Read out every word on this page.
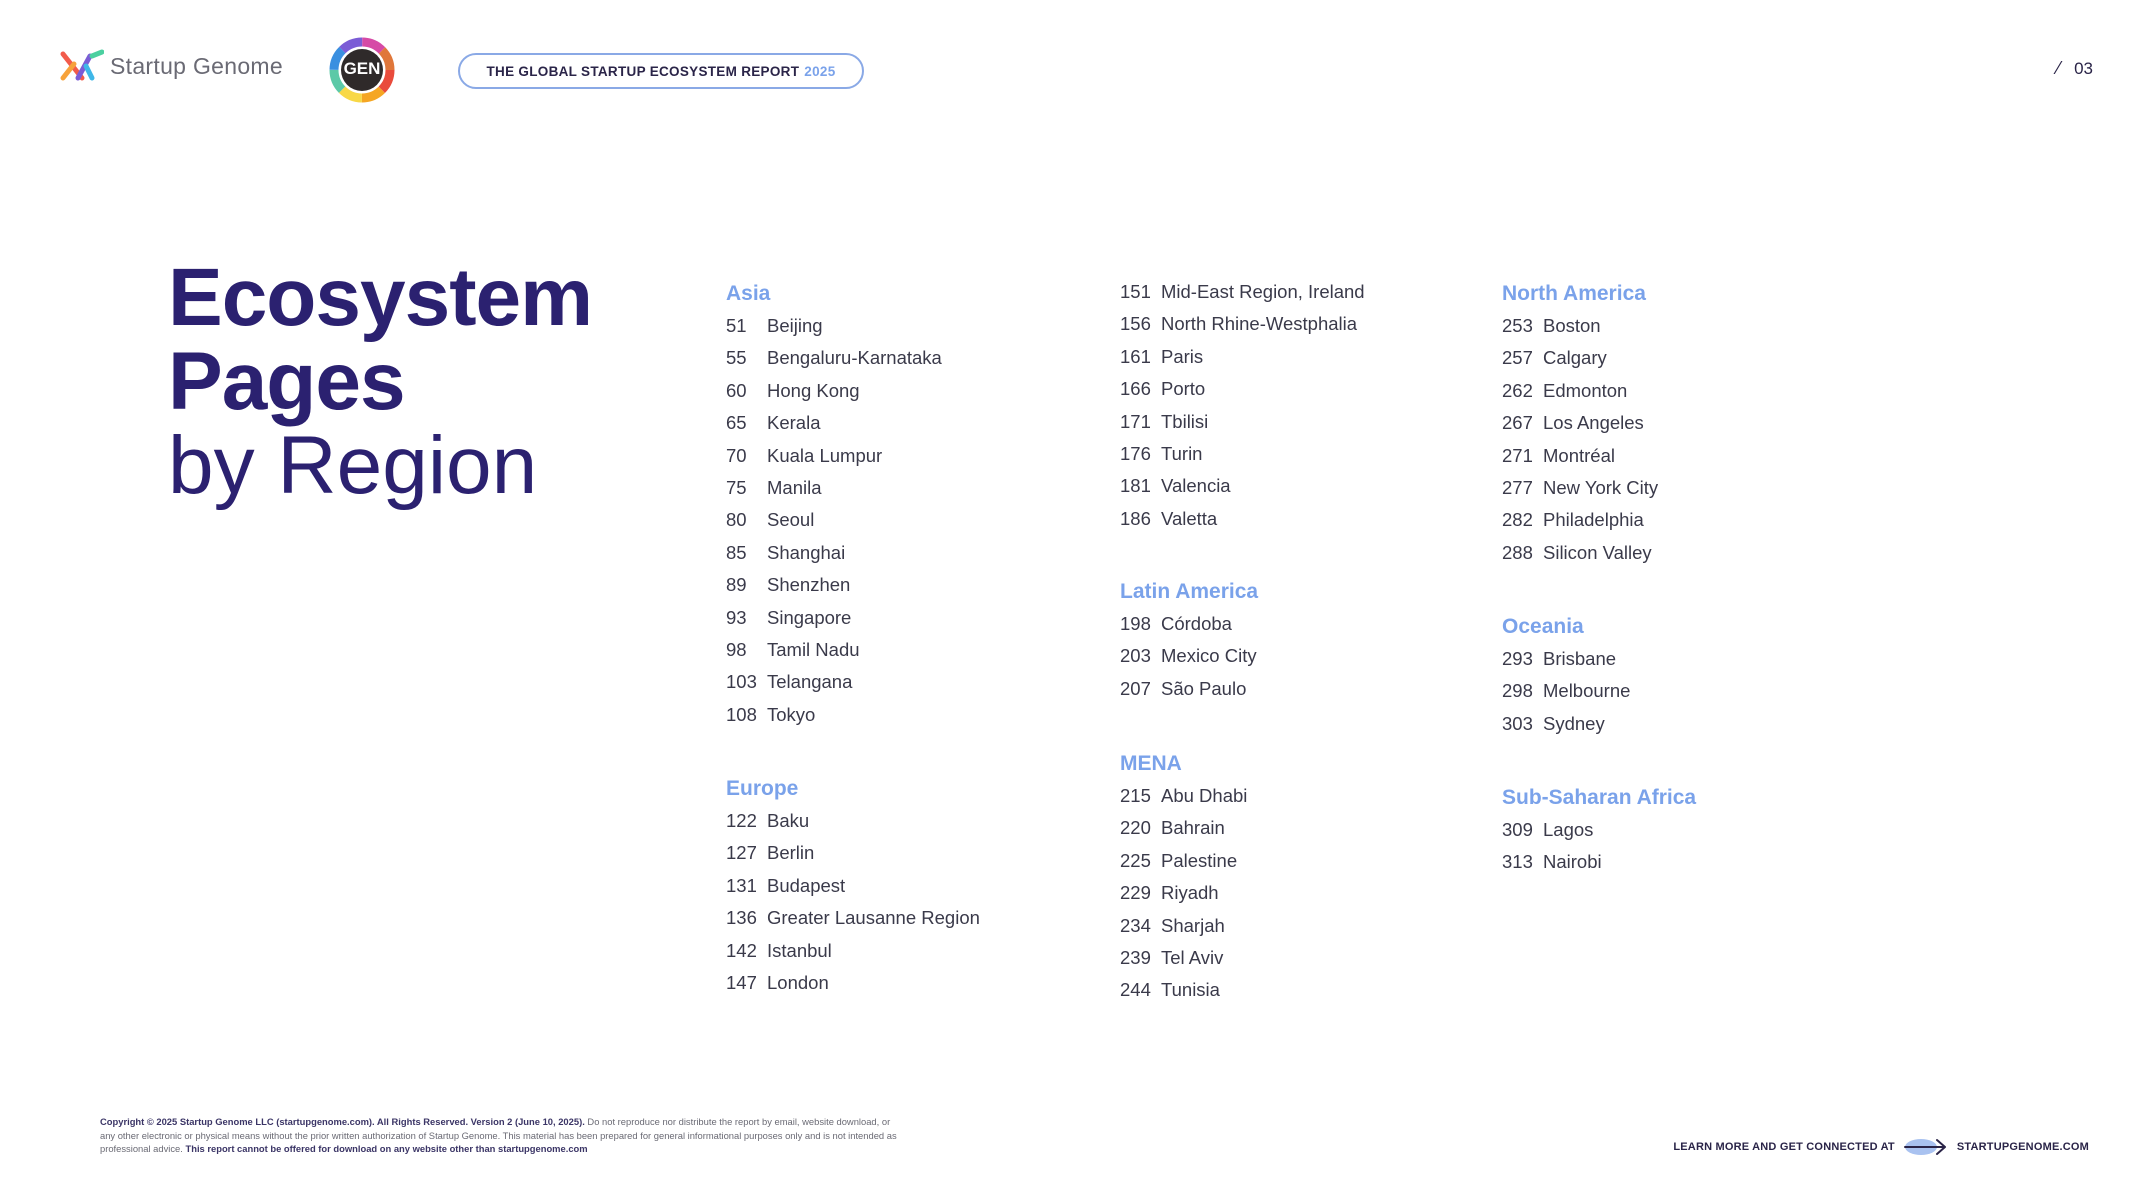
Startup Genome	GEN	THE GLOBAL STARTUP ECOSYSTEM REPORT 2025	⁄ 03
Ecosystem
Pages
by Region
Asia
51	Beijing
55	Bengaluru-Karnataka
60	Hong Kong
65	Kerala
70	Kuala Lumpur
75	Manila
80	Seoul
85	Shanghai
89	Shenzhen
93	Singapore
98	Tamil Nadu
103 Telangana
108 Tokyo
Europe
122 Baku
127 Berlin
131 Budapest
136 Greater Lausanne Region
142 Istanbul
147 London
151 Mid-East Region, Ireland
156 North Rhine-Westphalia
161 Paris
166 Porto
171 Tbilisi
176 Turin
181 Valencia
186 Valetta
Latin America
198 Córdoba
203 Mexico City
207 São Paulo
MENA
215 Abu Dhabi
220 Bahrain
225 Palestine
229 Riyadh
234 Sharjah
239 Tel Aviv
244 Tunisia
North America
253 Boston
257 Calgary
262 Edmonton
267 Los Angeles
271 Montréal
277 New York City
282 Philadelphia
288 Silicon Valley
Oceania
293 Brisbane
298 Melbourne
303 Sydney
Sub-Saharan Africa
309 Lagos
313 Nairobi
Copyright © 2025 Startup Genome LLC (startupgenome.com). All Rights Reserved. Version 2 (June 10, 2025). Do not reproduce nor distribute the report by email, website download, or any other electronic or physical means without the prior written authorization of Startup Genome. This material has been prepared for general informational purposes only and is not intended as professional advice. This report cannot be offered for download on any website other than startupgenome.com	LEARN MORE AND GET CONNECTED AT	STARTUPGENOME.COM
